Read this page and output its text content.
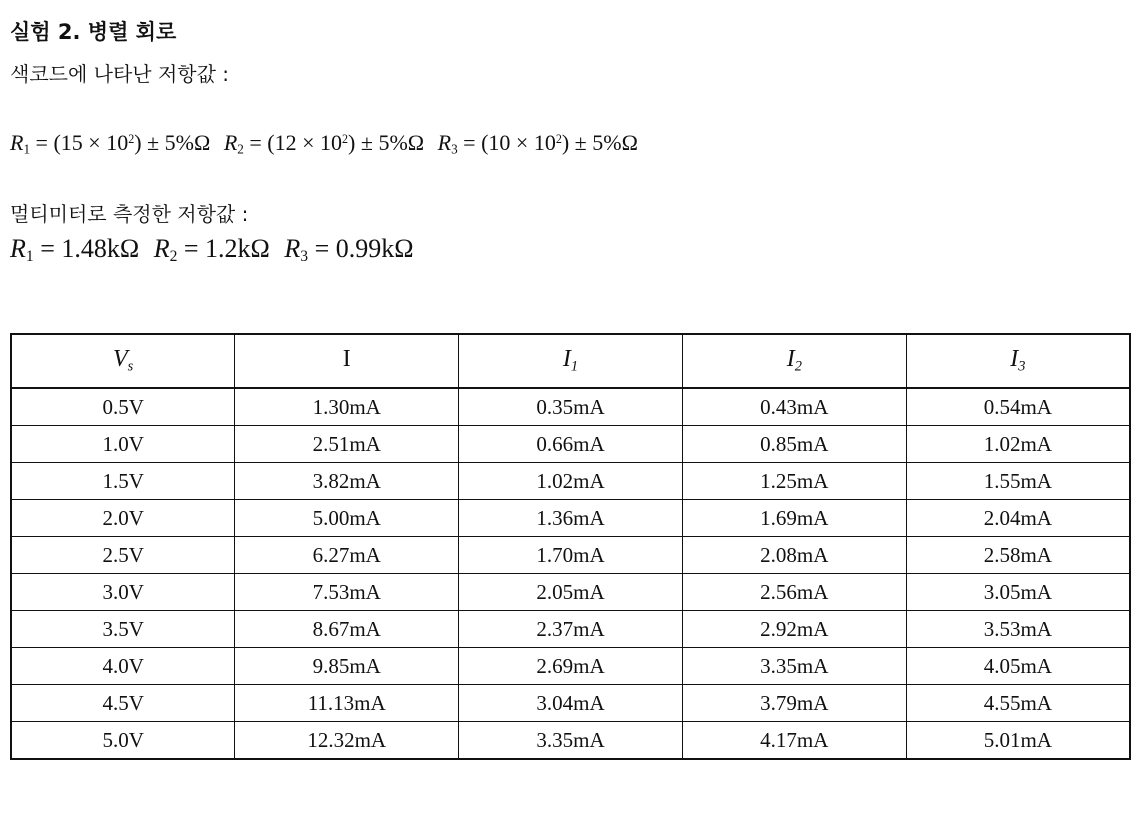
실험 2. 병렬 회로
색코드에 나타난 저항값 :
$R_1 = (15 \times 10^2) \pm 5\%\Omega$ $R_2 = (12 \times 10^2) \pm 5\%\Omega$ $R_3 = (10 \times 10^2) \pm 5\%\Omega$
멀티미터로 측정한 저항값 :
$R_1 = 1.48k\Omega$ $R_2 = 1.2k\Omega$ $R_3 = 0.99k\Omega$
$V_s$	I	$I_1$	$I_2$	$I_3$
0.5V	1.30mA	0.35mA	0.43mA	0.54mA
1.0V	2.51mA	0.66mA	0.85mA	1.02mA
1.5V	3.82mA	1.02mA	1.25mA	1.55mA
2.0V	5.00mA	1.36mA	1.69mA	2.04mA
2.5V	6.27mA	1.70mA	2.08mA	2.58mA
3.0V	7.53mA	2.05mA	2.56mA	3.05mA
3.5V	8.67mA	2.37mA	2.92mA	3.53mA
4.0V	9.85mA	2.69mA	3.35mA	4.05mA
4.5V	11.13mA	3.04mA	3.79mA	4.55mA
5.0V	12.32mA	3.35mA	4.17mA	5.01mA
